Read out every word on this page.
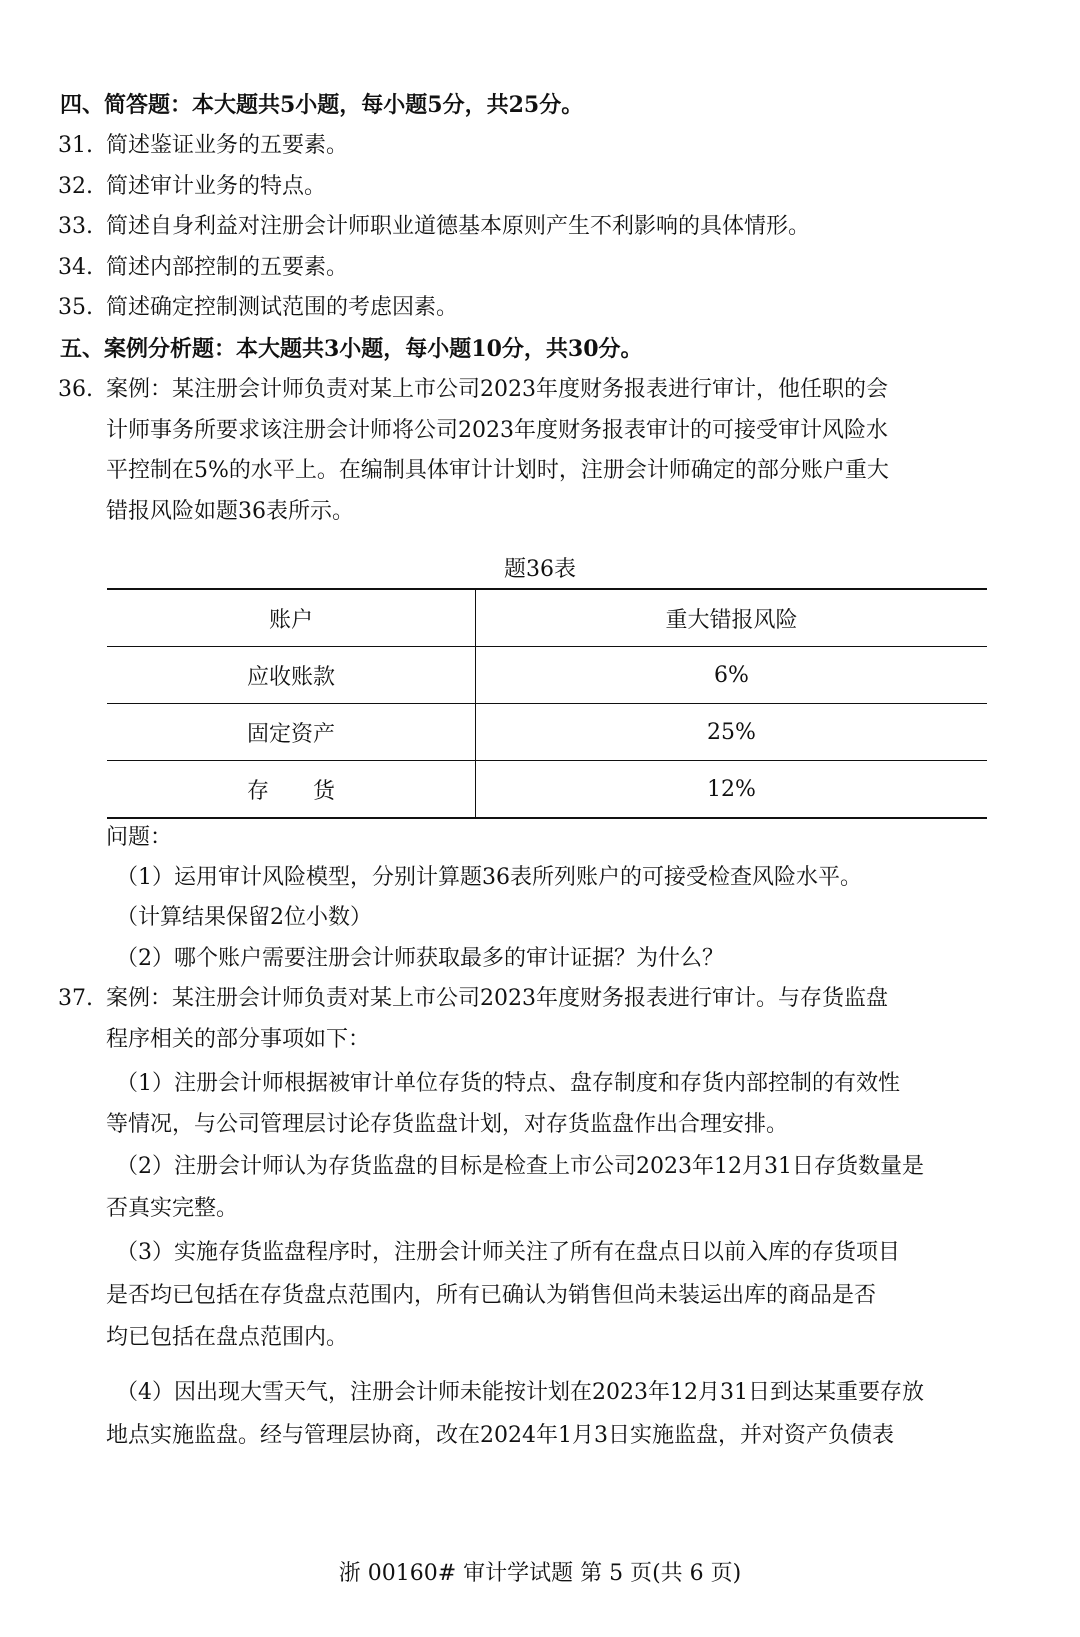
四、简答题：本大题共5小题，每小题5分，共25分。
31. 简述鉴证业务的五要素。
32. 简述审计业务的特点。
33. 简述自身利益对注册会计师职业道德基本原则产生不利影响的具体情形。
34. 简述内部控制的五要素。
35. 简述确定控制测试范围的考虑因素。
五、案例分析题：本大题共3小题，每小题10分，共30分。
36. 案例：某注册会计师负责对某上市公司2023年度财务报表进行审计，他任职的会
计师事务所要求该注册会计师将公司2023年度财务报表审计的可接受审计风险水
平控制在5%的水平上。在编制具体审计计划时，注册会计师确定的部分账户重大
错报风险如题36表所示。
题36表
账户	重大错报风险
应收账款	6%
固定资产	25%
存　　货	12%
问题：
（1）运用审计风险模型，分别计算题36表所列账户的可接受检查风险水平。
（计算结果保留2位小数）
（2）哪个账户需要注册会计师获取最多的审计证据？为什么？
37. 案例：某注册会计师负责对某上市公司2023年度财务报表进行审计。与存货监盘
程序相关的部分事项如下：
（1）注册会计师根据被审计单位存货的特点、盘存制度和存货内部控制的有效性
等情况，与公司管理层讨论存货监盘计划，对存货监盘作出合理安排。
（2）注册会计师认为存货监盘的目标是检查上市公司2023年12月31日存货数量是
否真实完整。
（3）实施存货监盘程序时，注册会计师关注了所有在盘点日以前入库的存货项目
是否均已包括在存货盘点范围内，所有已确认为销售但尚未装运出库的商品是否
均已包括在盘点范围内。
（4）因出现大雪天气，注册会计师未能按计划在2023年12月31日到达某重要存放
地点实施监盘。经与管理层协商，改在2024年1月3日实施监盘，并对资产负债表
浙 00160# 审计学试题 第 5 页(共 6 页)
